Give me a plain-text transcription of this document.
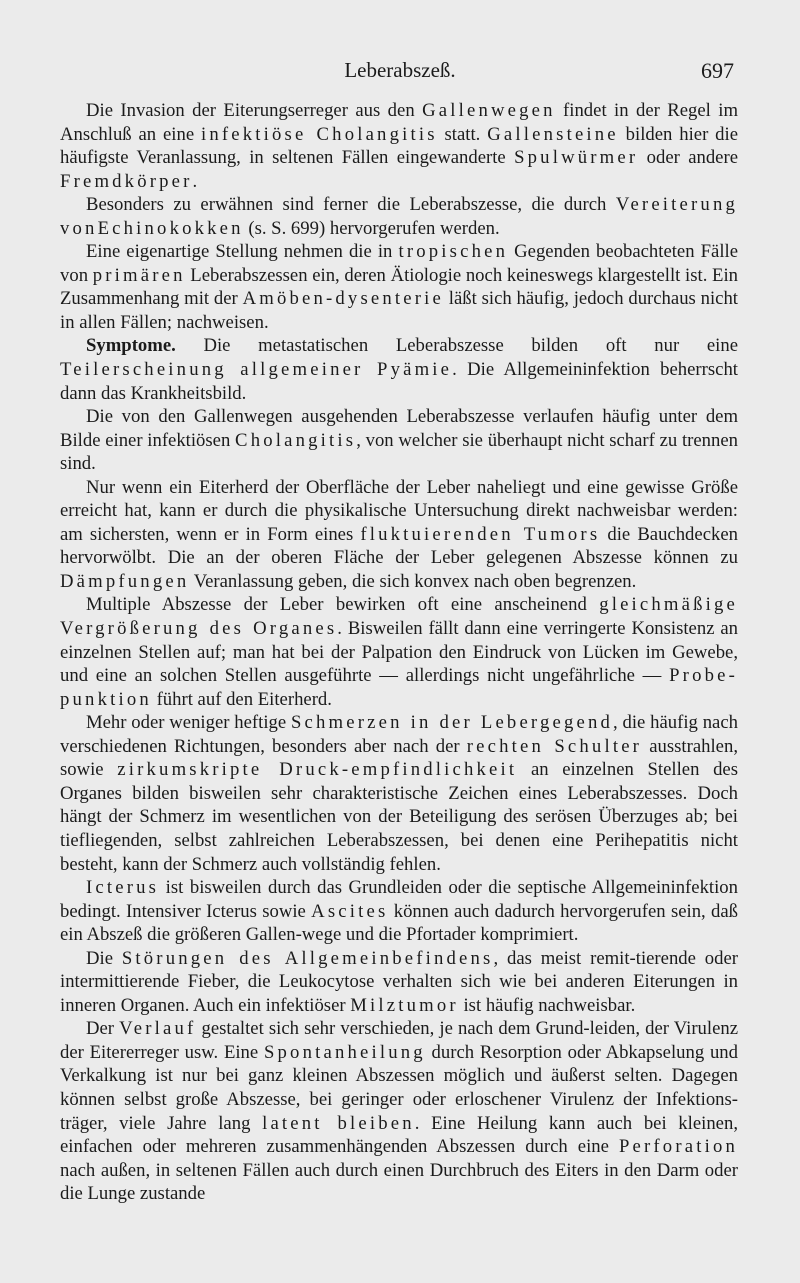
Leberabszeß.	697

Die Invasion der Eiterungserreger aus den Gallenwegen findet in der Regel im Anschluß an eine infektiöse Cholangitis statt. Gallensteine bilden hier die häufigste Veranlassung, in seltenen Fällen eingewanderte Spulwürmer oder andere Fremdkörper.

Besonders zu erwähnen sind ferner die Leberabszesse, die durch Vereiterung vonEchinokokken (s. S. 699) hervorgerufen werden.

Eine eigenartige Stellung nehmen die in tropischen Gegenden beobachteten Fälle von primären Leberabszessen ein, deren Ätiologie noch keineswegs klargestellt ist. Ein Zusammenhang mit der Amöben-dysenterie läßt sich häufig, jedoch durchaus nicht in allen Fällen; nachweisen.

Symptome. Die metastatischen Leberabszesse bilden oft nur eine Teilerscheinung allgemeiner Pyämie. Die Allgemeininfektion beherrscht dann das Krankheitsbild.

Die von den Gallenwegen ausgehenden Leberabszesse verlaufen häufig unter dem Bilde einer infektiösen Cholangitis, von welcher sie überhaupt nicht scharf zu trennen sind.

Nur wenn ein Eiterherd der Oberfläche der Leber naheliegt und eine gewisse Größe erreicht hat, kann er durch die physikalische Untersuchung direkt nachweisbar werden: am sichersten, wenn er in Form eines fluktuierenden Tumors die Bauchdecken hervorwölbt. Die an der oberen Fläche der Leber gelegenen Abszesse können zu Dämpfungen Veranlassung geben, die sich konvex nach oben begrenzen.

Multiple Abszesse der Leber bewirken oft eine anscheinend gleichmäßige Vergrößerung des Organes. Bisweilen fällt dann eine verringerte Konsistenz an einzelnen Stellen auf; man hat bei der Palpation den Eindruck von Lücken im Gewebe, und eine an solchen Stellen ausgeführte — allerdings nicht ungefährliche — Probe-punktion führt auf den Eiterherd.

Mehr oder weniger heftige Schmerzen in der Lebergegend, die häufig nach verschiedenen Richtungen, besonders aber nach der rechten Schulter ausstrahlen, sowie zirkumskripte Druck-empfindlichkeit an einzelnen Stellen des Organes bilden bisweilen sehr charakteristische Zeichen eines Leberabszesses. Doch hängt der Schmerz im wesentlichen von der Beteiligung des serösen Überzuges ab; bei tiefliegenden, selbst zahlreichen Leberabszessen, bei denen eine Perihepatitis nicht besteht, kann der Schmerz auch vollständig fehlen.

Icterus ist bisweilen durch das Grundleiden oder die septische Allgemeininfektion bedingt. Intensiver Icterus sowie Ascites können auch dadurch hervorgerufen sein, daß ein Abszeß die größeren Gallen-wege und die Pfortader komprimiert.

Die Störungen des Allgemeinbefindens, das meist remit-tierende oder intermittierende Fieber, die Leukocytose verhalten sich wie bei anderen Eiterungen in inneren Organen. Auch ein infektiöser Milztumor ist häufig nachweisbar.

Der Verlauf gestaltet sich sehr verschieden, je nach dem Grund-leiden, der Virulenz der Eitererreger usw. Eine Spontanheilung durch Resorption oder Abkapselung und Verkalkung ist nur bei ganz kleinen Abszessen möglich und äußerst selten. Dagegen können selbst große Abszesse, bei geringer oder erloschener Virulenz der Infektions-träger, viele Jahre lang latent bleiben. Eine Heilung kann auch bei kleinen, einfachen oder mehreren zusammenhängenden Abszessen durch eine Perforation nach außen, in seltenen Fällen auch durch einen Durchbruch des Eiters in den Darm oder die Lunge zustande
